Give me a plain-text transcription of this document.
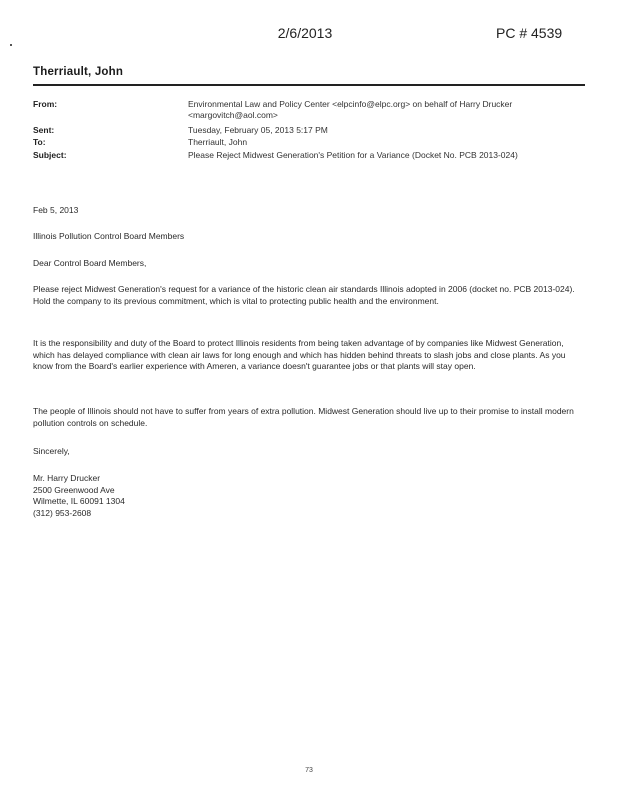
2/6/2013	PC # 4539
Therriault, John
From:	Environmental Law and Policy Center <elpcinfo@elpc.org> on behalf of Harry Drucker
<margovitch@aol.com>
Sent:	Tuesday, February 05, 2013 5:17 PM
To:	Therriault, John
Subject:	Please Reject Midwest Generation's Petition for a Variance (Docket No. PCB 2013-024)
Feb 5, 2013
Illinois Pollution Control Board Members
Dear Control Board Members,
Please reject Midwest Generation's request for a variance of the historic clean air standards Illinois adopted in 2006 (docket no. PCB 2013-024). Hold the company to its previous commitment, which is vital to protecting public health and the environment.
It is the responsibility and duty of the Board to protect Illinois residents from being taken advantage of by companies like Midwest Generation, which has delayed compliance with clean air laws for long enough and which has hidden behind threats to slash jobs and close plants. As you know from the Board's earlier experience with Ameren, a variance doesn't guarantee jobs or that plants will stay open.
The people of Illinois should not have to suffer from years of extra pollution. Midwest Generation should live up to their promise to install modern pollution controls on schedule.
Sincerely,
Mr. Harry Drucker
2500 Greenwood Ave
Wilmette, IL 60091 1304
(312) 953-2608
73
